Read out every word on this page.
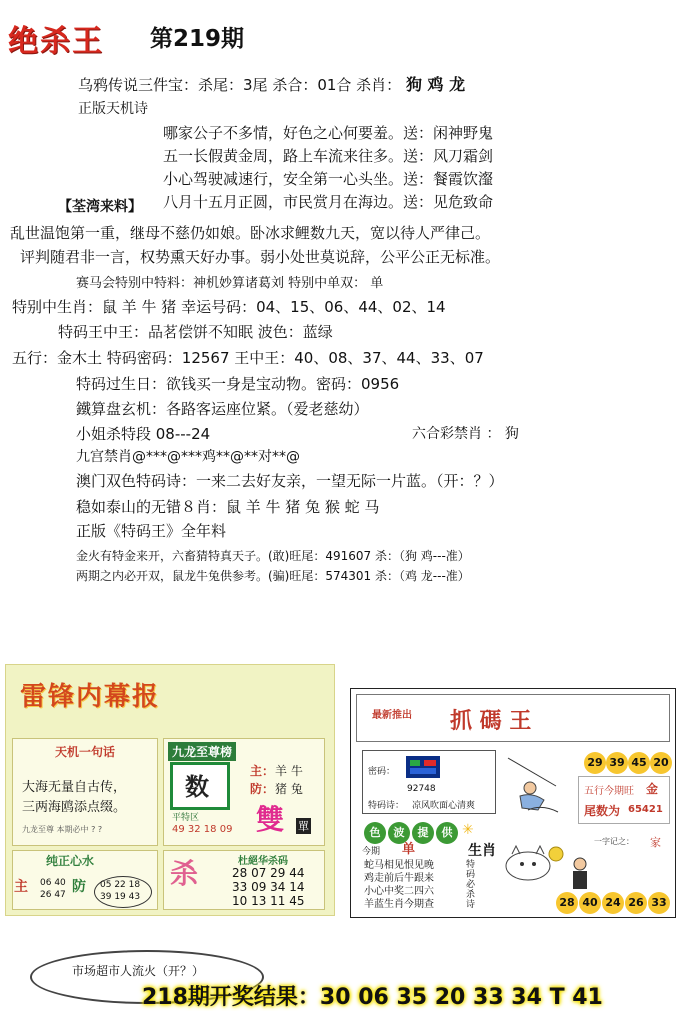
绝杀王 第219期
乌鸦传说三件宝：杀尾：3尾 杀合：01合 杀肖： 狗 鸡 龙
正版天机诗
哪家公子不多情，好色之心何要羞。送：闲神野鬼
五一长假黄金周，路上车流来往多。送：风刀霜剑
小心驾驶减速行，安全第一心头坐。送：餐霞饮瀣
八月十五月正圆，市民赏月在海边。送：见危致命
【荃湾来料】
乱世温饱第一重，继母不慈仍如娘。卧冰求鲤数九天，宽以待人严律己。
评判随君非一言，权势熏天好办事。弱小处世莫说辞，公平公正无标准。
赛马会特别中特料：神机妙算诸葛刘 特别中单双： 单
特别中生肖：鼠 羊 牛 猪 幸运号码：04、15、06、44、02、14
特码王中王：品茗偿饼不知眠 波色：蓝绿
五行：金木土 特码密码：12567 王中王：40、08、37、44、33、07
特码过生日：欲钱买一身是宝动物。密码：0956
鐵算盘玄机：各路客运座位紧。（爱老慈幼）
小姐杀特段 08---24	六合彩禁肖 ： 狗
九宫禁肖@***@***鸡**@**对**@
澳门双色特码诗：一来二去好友亲，一望无际一片蓝。（开：？）
稳如泰山的无错８肖：鼠 羊 牛 猪 兔 猴 蛇 马
正版《特码王》全年料
金火有特金来开，六畜猜特真天子。(敢)旺尾：491607 杀：（狗 鸡---准）
两期之内必开双，鼠龙牛兔供参考。(骗)旺尾：574301 杀：（鸡 龙---准）
雷锋内幕报
天机一句话
大海无量自古传，
三两海鸥添点缀。
九龙至尊 本期必中 ? ?
九龙至尊榜
数
主： 羊 牛
防： 猪 兔
平特区
49 32 18 09 雙 單
纯正心水
主 06 40
26 47 防 05 22 18
39 19 43
杀	杜絕华杀码
28 07 29 44
33 09 34 14
10 13 11 45
最新推出 抓 碼 王
密码：
92748
特码诗： 凉风吹面心清爽
29 39 45 20
五行今期旺 金
尾数为 65421
色	波	提	供 ✳
今期 单	生肖
蛇马相见恨见晚
鸡走前后牛跟来
小心中奖二四六
羊蓝生肖今期查
特码必杀诗
一字记之： 家
28 40 24 26 33
市场超市人流火（开？）
218期开奖结果：30 06 35 20 33 34 T 41
